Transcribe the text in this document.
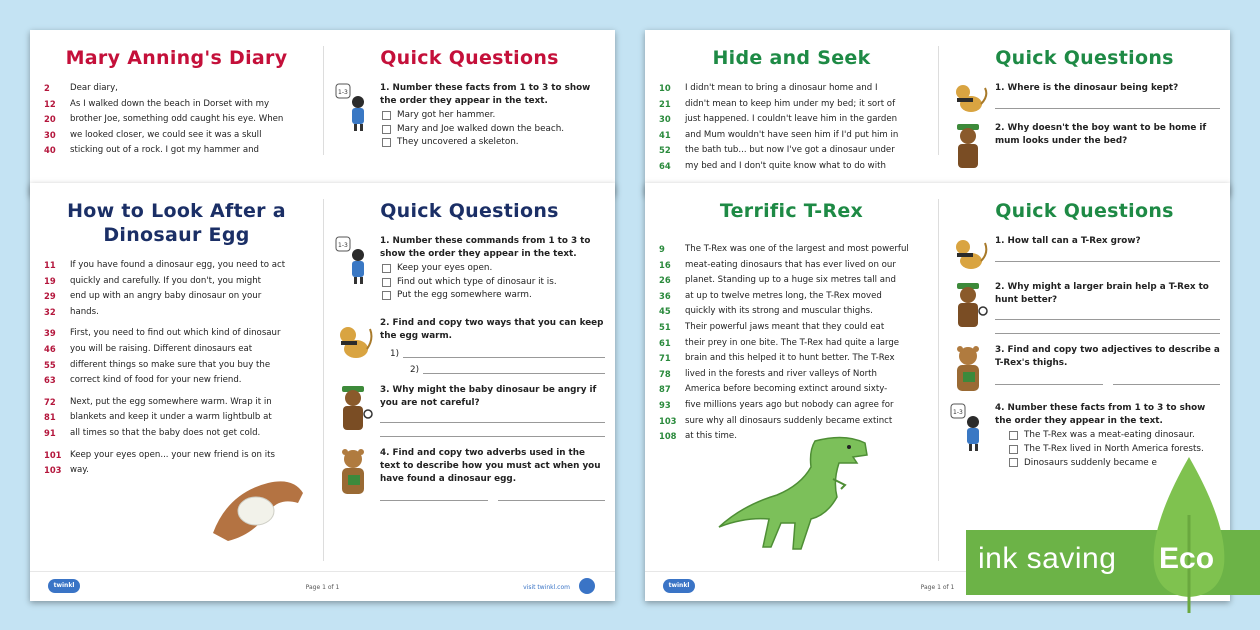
Mary Anning's Diary
2	Dear diary,
12	As I walked down the beach in Dorset with my
20	brother Joe, something odd caught his eye. When
30	we looked closer, we could see it was a skull
40	sticking out of a rock. I got my hammer and
Quick Questions
1-3	1. Number these facts from 1 to 3 to show the order they appear in the text.
Mary got her hammer.
Mary and Joe walked down the beach.
They uncovered a skeleton.
Hide and Seek
10	I didn't mean to bring a dinosaur home and I
21	didn't mean to keep him under my bed; it sort of
30	just happened. I couldn't leave him in the garden
41	and Mum wouldn't have seen him if I'd put him in
52	the bath tub... but now I've got a dinosaur under
64	my bed and I don't quite know what to do with
Quick Questions
1. Where is the dinosaur being kept?
2. Why doesn't the boy want to be home if mum looks under the bed?
How to Look After a Dinosaur Egg
11	If you have found a dinosaur egg, you need to act
19	quickly and carefully. If you don't, you might
29	end up with an angry baby dinosaur on your
32	hands.
39	First, you need to find out which kind of dinosaur
46	you will be raising. Different dinosaurs eat
55	different things so make sure that you buy the
63	correct kind of food for your new friend.
72	Next, put the egg somewhere warm. Wrap it in
81	blankets and keep it under a warm lightbulb at
91	all times so that the baby does not get cold.
101 Keep your eyes open... your new friend is on its
103 way.
Quick Questions
1-3	1. Number these commands from 1 to 3 to show the order they appear in the text.
Keep your eyes open.
Find out which type of dinosaur it is.
Put the egg somewhere warm.
2. Find and copy two ways that you can keep the egg warm.
1)
2)
3. Why might the baby dinosaur be angry if you are not careful?
4. Find and copy two adverbs used in the text to describe how you must act when you have found a dinosaur egg.
twinkl	Page 1 of 1	visit twinkl.com
Terrific T-Rex
9	The T-Rex was one of the largest and most powerful
16	meat-eating dinosaurs that has ever lived on our
26	planet. Standing up to a huge six metres tall and
36	at up to twelve metres long, the T-Rex moved
45	quickly with its strong and muscular thighs.
51	Their powerful jaws meant that they could eat
61	their prey in one bite. The T-Rex had quite a large
71	brain and this helped it to hunt better. The T-Rex
78	lived in the forests and river valleys of North
87	America before becoming extinct around sixty-
93	five millions years ago but nobody can agree for
103 sure why all dinosaurs suddenly became extinct
108 at this time.
Quick Questions
1. How tall can a T-Rex grow?
2. Why might a larger brain help a T-Rex to hunt better?
3. Find and copy two adjectives to describe a T-Rex's thighs.
1-3	4. Number these facts from 1 to 3 to show the order they appear in the text.
The T-Rex was a meat-eating dinosaur.
The T-Rex lived in North America forests.
Dinosaurs suddenly became e
twinkl	Page 1 of 1
ink saving Eco
